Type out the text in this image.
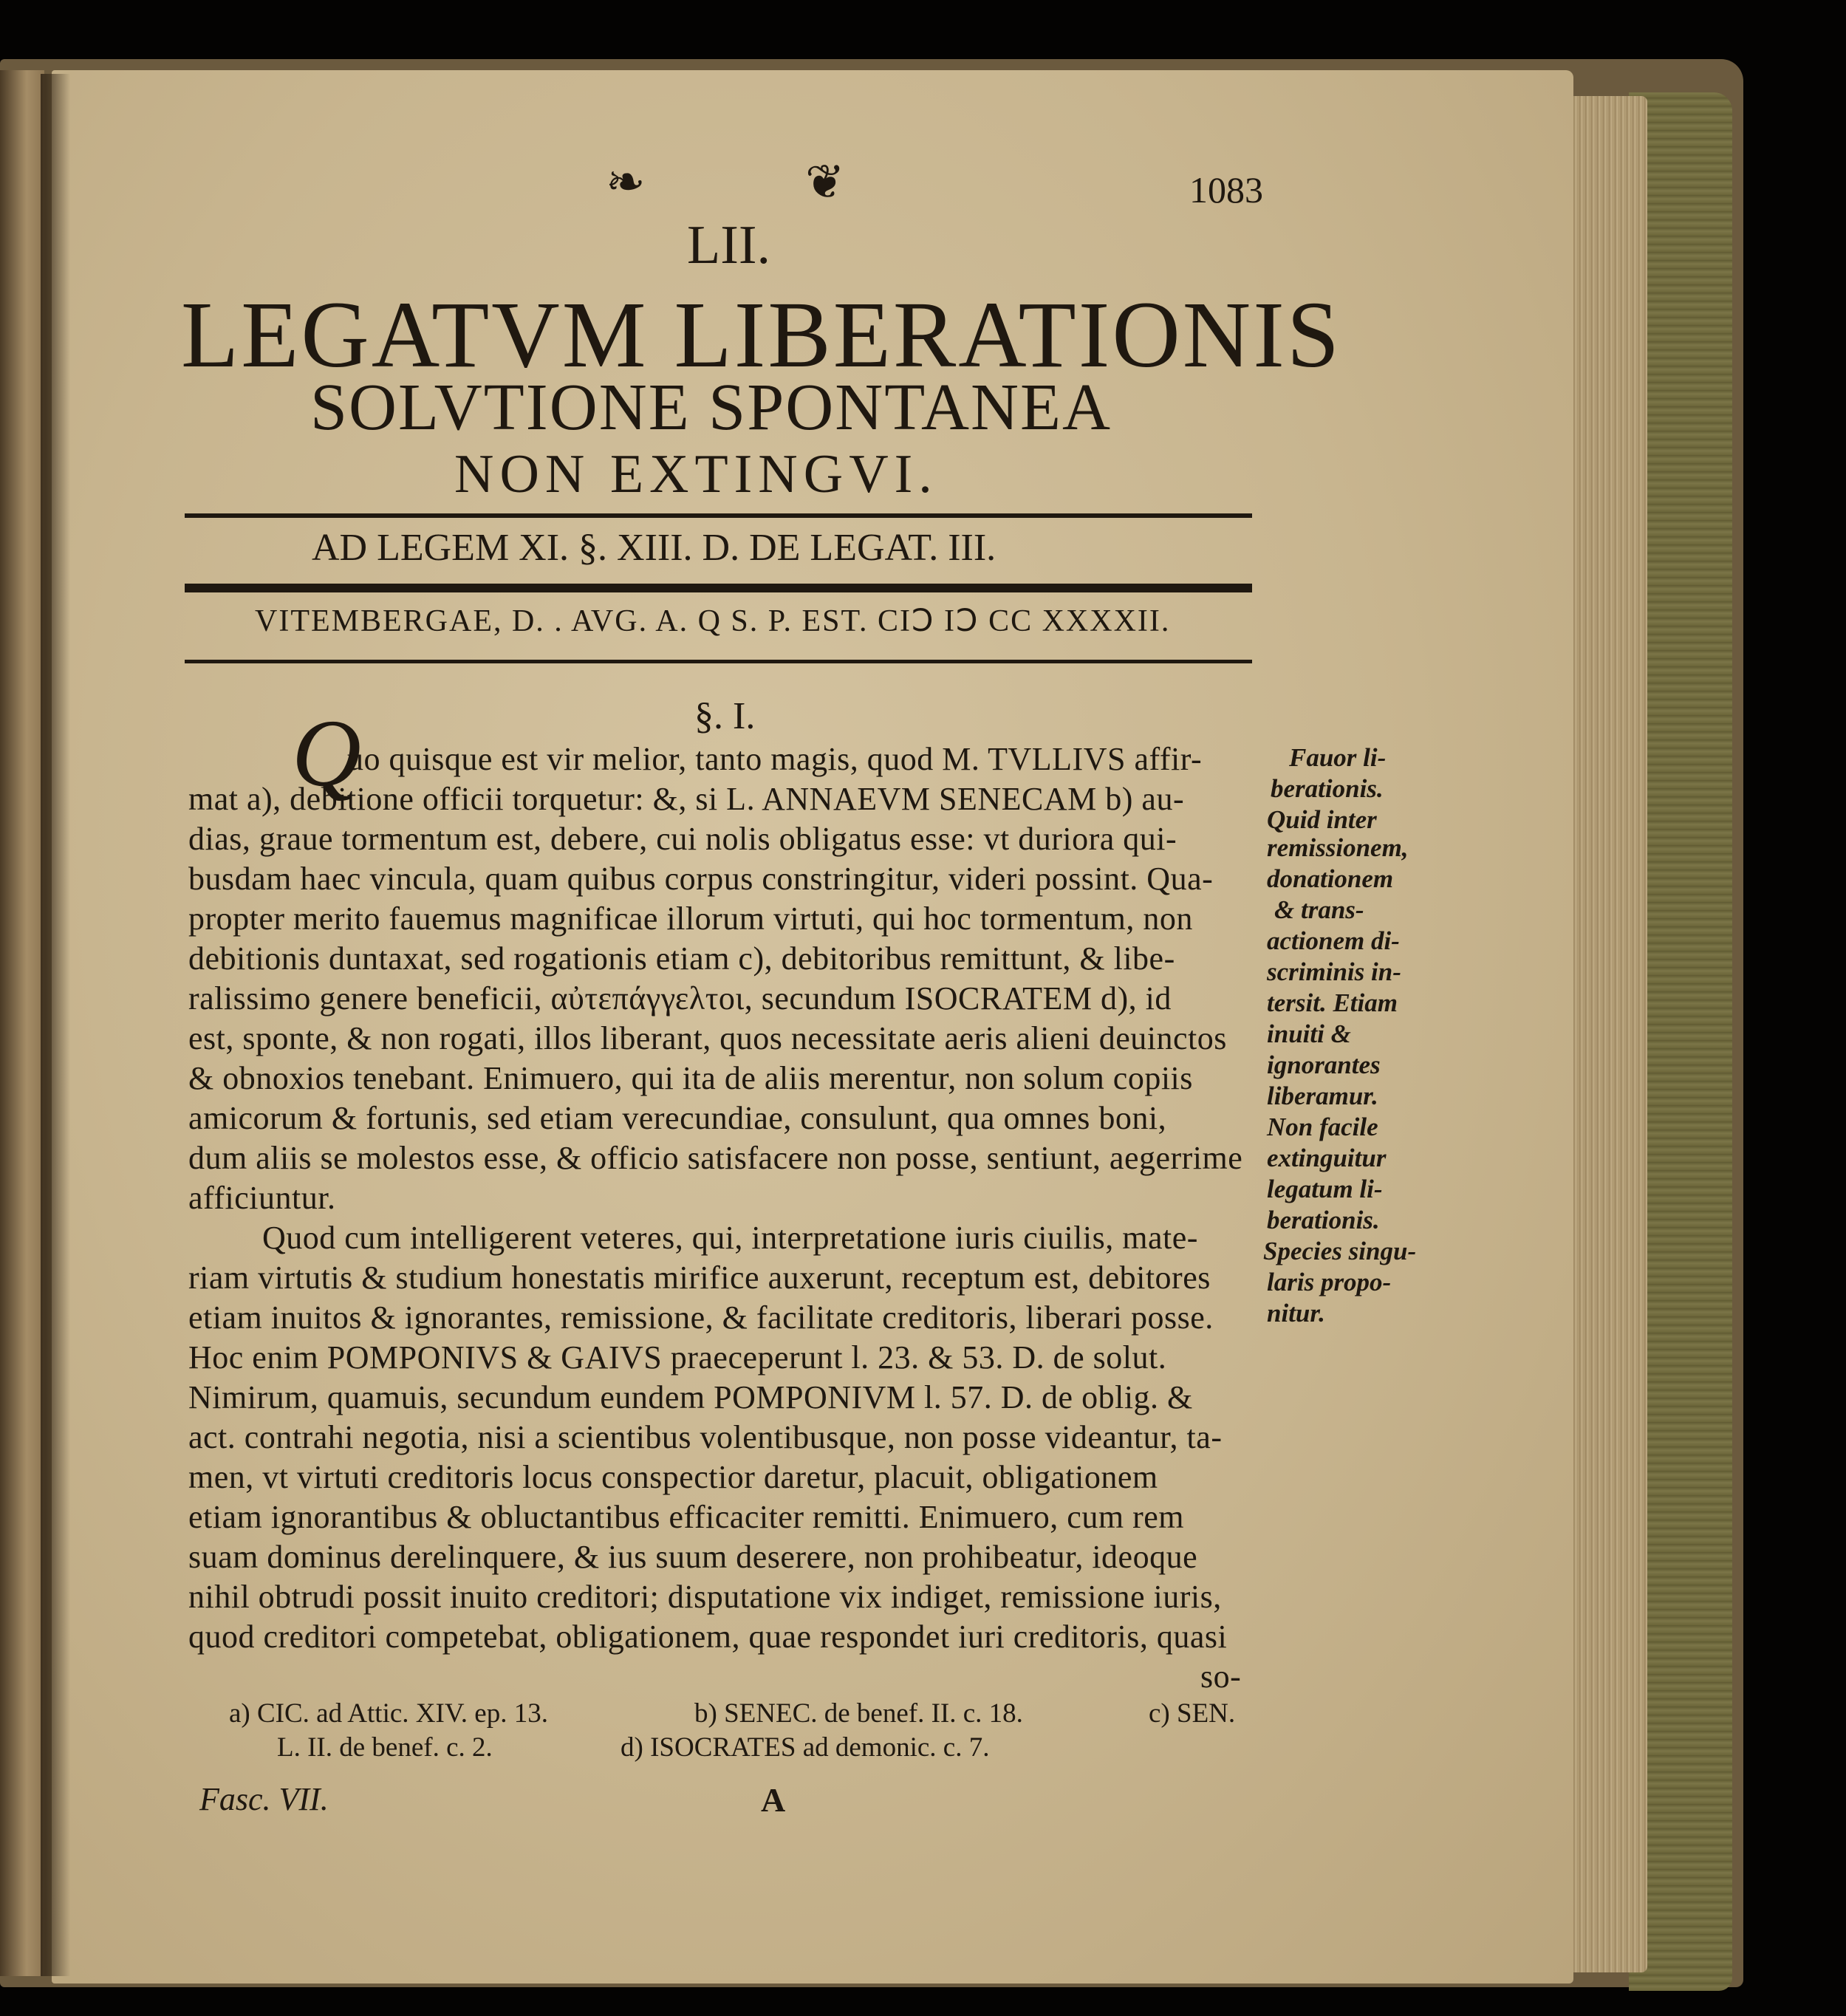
❧	❦	1083
LII.
LEGATVM LIBERATIONIS
SOLVTIONE SPONTANEA
NON EXTINGVI.
AD LEGEM XI. §. XIII. D. DE LEGAT. III.
VITEMBERGAE, D. . AVG. A. Q S. P. EST. CIↃ IↃ CC XXXXII.
§. I.
Q
uo quisque est vir melior, tanto magis, quod M. TVLLIVS affir-
mat a), debitione officii torquetur: &, si L. ANNAEVM SENECAM b) au-
dias, graue tormentum est, debere, cui nolis obligatus esse: vt duriora qui-
busdam haec vincula, quam quibus corpus constringitur, videri possint. Qua-
propter merito fauemus magnificae illorum virtuti, qui hoc tormentum, non
debitionis duntaxat, sed rogationis etiam c), debitoribus remittunt, & libe-
ralissimo genere beneficii, αὐτεπάγγελτοι, secundum ISOCRATEM d), id
est, sponte, & non rogati, illos liberant, quos necessitate aeris alieni deuinctos
& obnoxios tenebant. Enimuero, qui ita de aliis merentur, non solum copiis
amicorum & fortunis, sed etiam verecundiae, consulunt, qua omnes boni,
dum aliis se molestos esse, & officio satisfacere non posse, sentiunt, aegerrime
afficiuntur.
Quod cum intelligerent veteres, qui, interpretatione iuris ciuilis, mate-
riam virtutis & studium honestatis mirifice auxerunt, receptum est, debitores
etiam inuitos & ignorantes, remissione, & facilitate creditoris, liberari posse.
Hoc enim POMPONIVS & GAIVS praeceperunt l. 23. & 53. D. de solut.
Nimirum, quamuis, secundum eundem POMPONIVM l. 57. D. de oblig. &
act. contrahi negotia, nisi a scientibus volentibusque, non posse videantur, ta-
men, vt virtuti creditoris locus conspectior daretur, placuit, obligationem
etiam ignorantibus & obluctantibus efficaciter remitti. Enimuero, cum rem
suam dominus derelinquere, & ius suum deserere, non prohibeatur, ideoque
nihil obtrudi possit inuito creditori; disputatione vix indiget, remissione iuris,
quod creditori competebat, obligationem, quae respondet iuri creditoris, quasi
so-
Fauor li-
berationis.
Quid inter
remissionem,
donationem
& trans-
actionem di-
scriminis in-
tersit. Etiam
inuiti &
ignorantes
liberamur.
Non facile
extinguitur
legatum li-
berationis.
Species singu-
laris propo-
nitur.
a) CIC. ad Attic. XIV. ep. 13.	b) SENEC. de benef. II. c. 18.	c) SEN.
L. II. de benef. c. 2.	d) ISOCRATES ad demonic. c. 7.
Fasc. VII.	A
